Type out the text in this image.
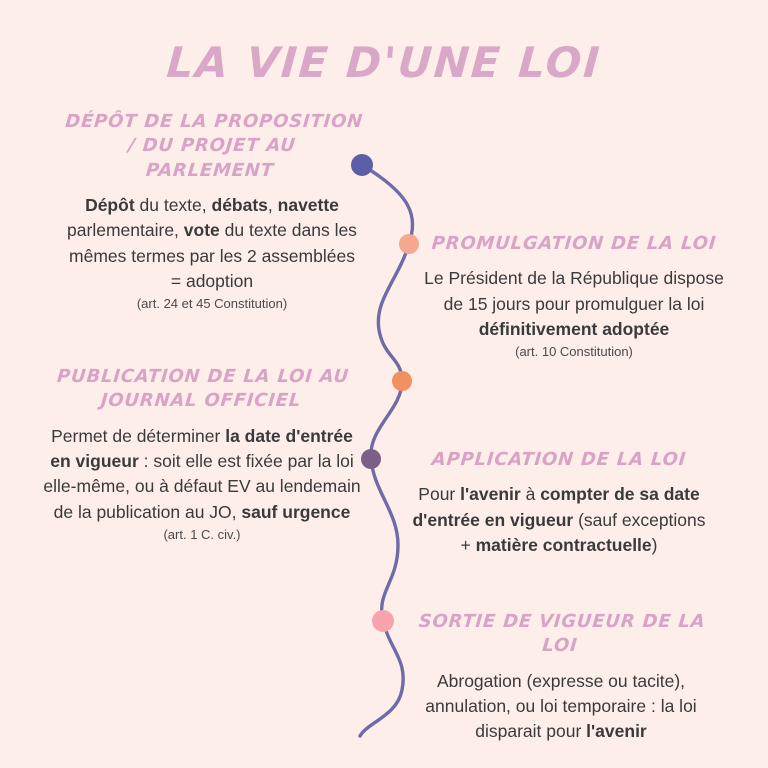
LA VIE D'UNE LOI
DÉPÔT DE LA PROPOSITION / DU PROJET AU PARLEMENT
Dépôt du texte, débats, navette parlementaire, vote du texte dans les mêmes termes par les 2 assemblées = adoption
(art. 24 et 45 Constitution)
PROMULGATION DE LA LOI
Le Président de la République dispose de 15 jours pour promulguer la loi définitivement adoptée
(art. 10 Constitution)
PUBLICATION DE LA LOI AU JOURNAL OFFICIEL
Permet de déterminer la date d'entrée en vigueur : soit elle est fixée par la loi elle-même, ou à défaut EV au lendemain de la publication au JO, sauf urgence
(art. 1 C. civ.)
APPLICATION DE LA LOI
Pour l'avenir à compter de sa date d'entrée en vigueur (sauf exceptions + matière contractuelle)
SORTIE DE VIGUEUR DE LA LOI
Abrogation (expresse ou tacite), annulation, ou loi temporaire : la loi disparait pour l'avenir
